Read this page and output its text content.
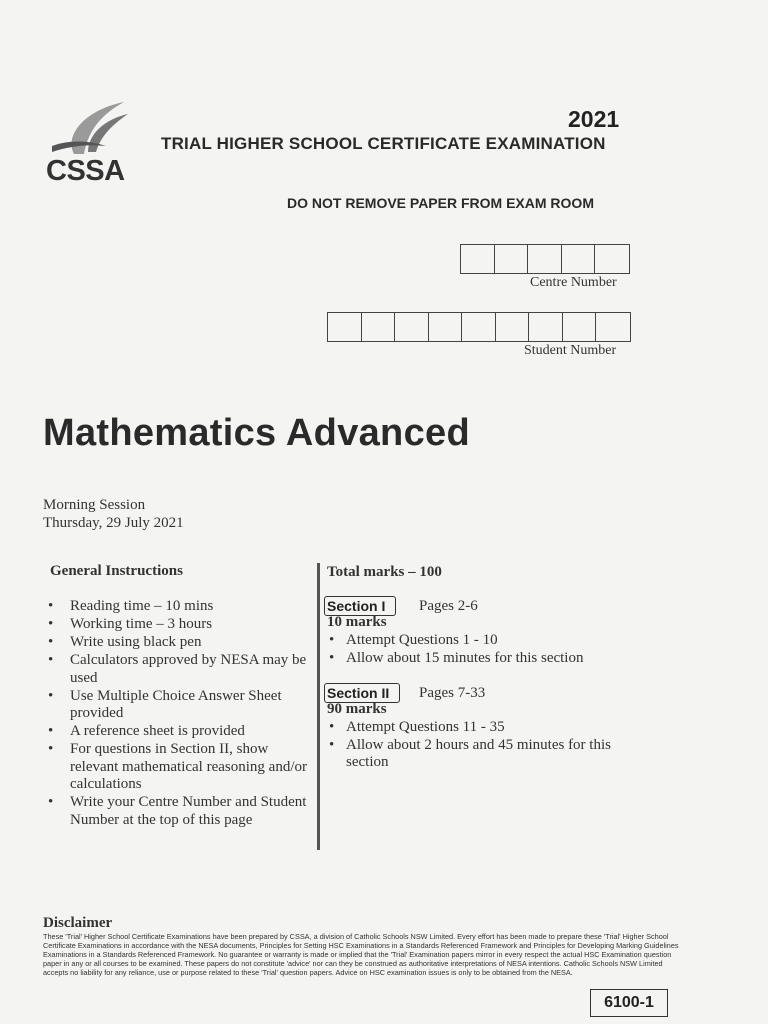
CSSA
2021
TRIAL HIGHER SCHOOL CERTIFICATE EXAMINATION
DO NOT REMOVE PAPER FROM EXAM ROOM
Centre Number
Student Number
Mathematics Advanced
Morning Session
Thursday, 29 July 2021
General Instructions
• Reading time – 10 mins
• Working time – 3 hours
• Write using black pen
• Calculators approved by NESA may be used
• Use Multiple Choice Answer Sheet provided
• A reference sheet is provided
• For questions in Section II, show relevant mathematical reasoning and/or calculations
• Write your Centre Number and Student Number at the top of this page
Total marks – 100
Section I	Pages 2-6
10 marks
• Attempt Questions 1 - 10
• Allow about 15 minutes for this section
Section II	Pages 7-33
90 marks
• Attempt Questions 11 - 35
• Allow about 2 hours and 45 minutes for this section
Disclaimer
These 'Trial' Higher School Certificate Examinations have been prepared by CSSA, a division of Catholic Schools NSW Limited. Every effort has been made to prepare these 'Trial' Higher School Certificate Examinations in accordance with the NESA documents, Principles for Setting HSC Examinations in a Standards Referenced Framework and Principles for Developing Marking Guidelines Examinations in a Standards Referenced Framework. No guarantee or warranty is made or implied that the 'Trial' Examination papers mirror in every respect the actual HSC Examination question paper in any or all courses to be examined. These papers do not constitute 'advice' nor can they be construed as authoritative interpretations of NESA intentions. Catholic Schools NSW Limited accepts no liability for any reliance, use or purpose related to these 'Trial' question papers. Advice on HSC examination issues is only to be obtained from the NESA.
6100-1
